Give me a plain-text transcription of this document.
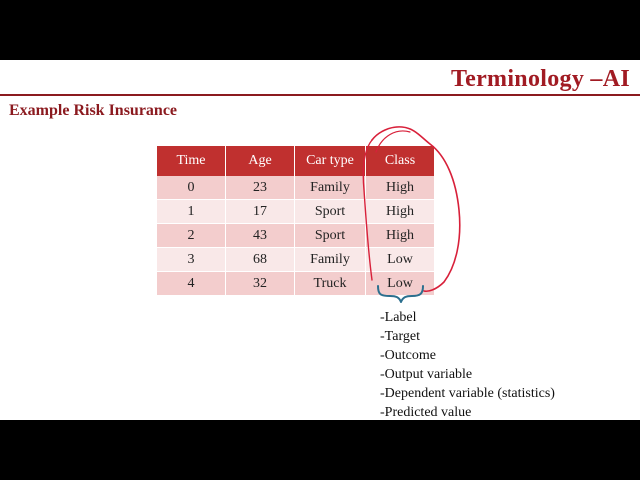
Terminology –AI
Example Risk Insurance
Time	Age	Car type	Class
0	23	Family	High
1	17	Sport	High
2	43	Sport	High
3	68	Family	Low
4	32	Truck	Low
-Label
-Target
-Outcome
-Output variable
-Dependent variable (statistics)
-Predicted value
